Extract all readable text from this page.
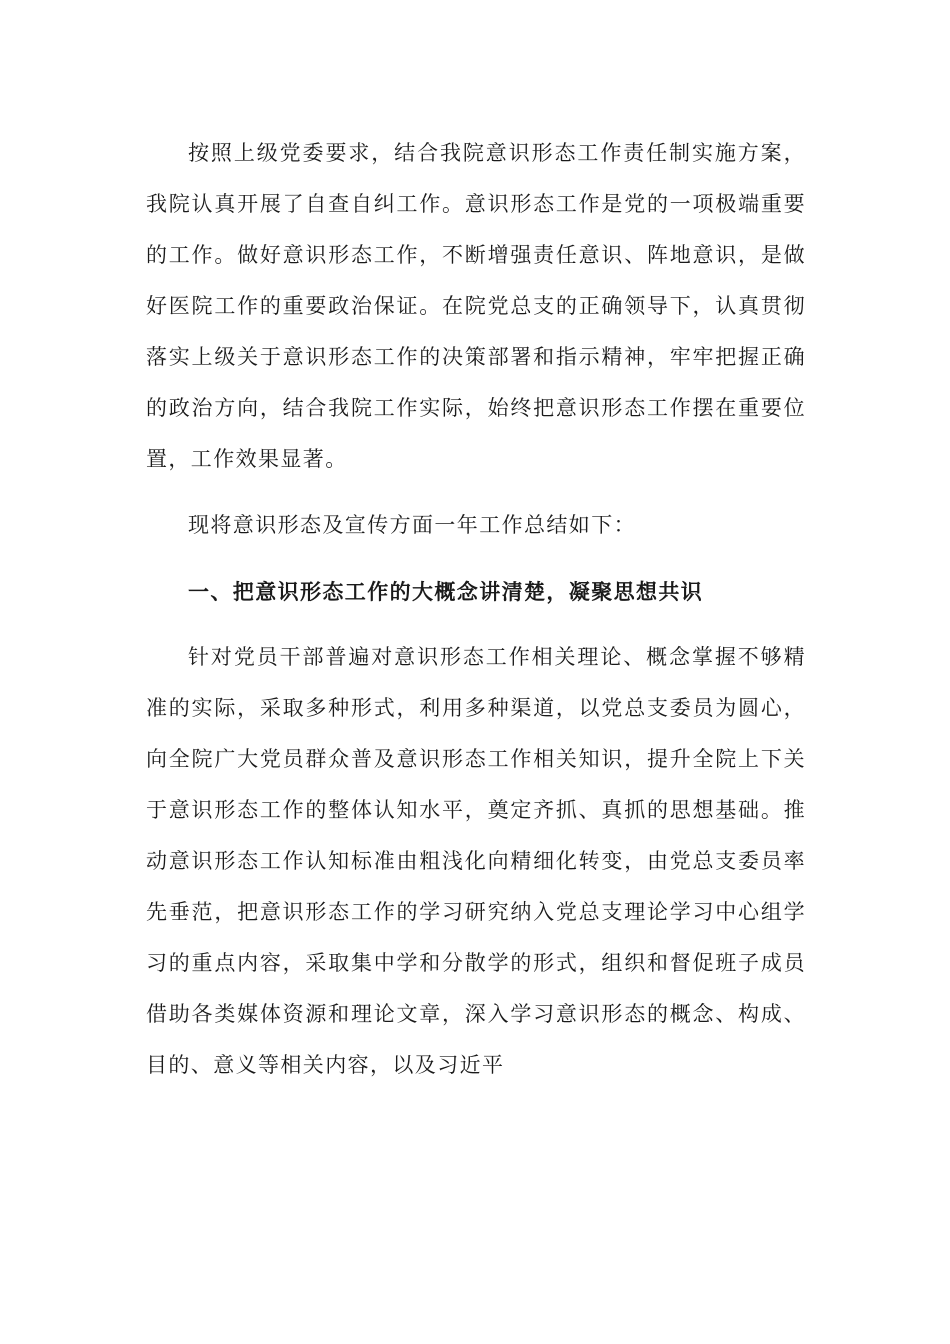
按照上级党委要求，结合我院意识形态工作责任制实施方案，我院认真开展了自查自纠工作。意识形态工作是党的一项极端重要的工作。做好意识形态工作，不断增强责任意识、阵地意识，是做好医院工作的重要政治保证。在院党总支的正确领导下，认真贯彻落实上级关于意识形态工作的决策部署和指示精神，牢牢把握正确的政治方向，结合我院工作实际，始终把意识形态工作摆在重要位置，工作效果显著。

现将意识形态及宣传方面一年工作总结如下：

一、把意识形态工作的大概念讲清楚，凝聚思想共识

针对党员干部普遍对意识形态工作相关理论、概念掌握不够精准的实际，采取多种形式，利用多种渠道，以党总支委员为圆心，向全院广大党员群众普及意识形态工作相关知识，提升全院上下关于意识形态工作的整体认知水平，奠定齐抓、真抓的思想基础。推动意识形态工作认知标准由粗浅化向精细化转变，由党总支委员率先垂范，把意识形态工作的学习研究纳入党总支理论学习中心组学习的重点内容，采取集中学和分散学的形式，组织和督促班子成员借助各类媒体资源和理论文章，深入学习意识形态的概念、构成、目的、意义等相关内容，以及习近平
